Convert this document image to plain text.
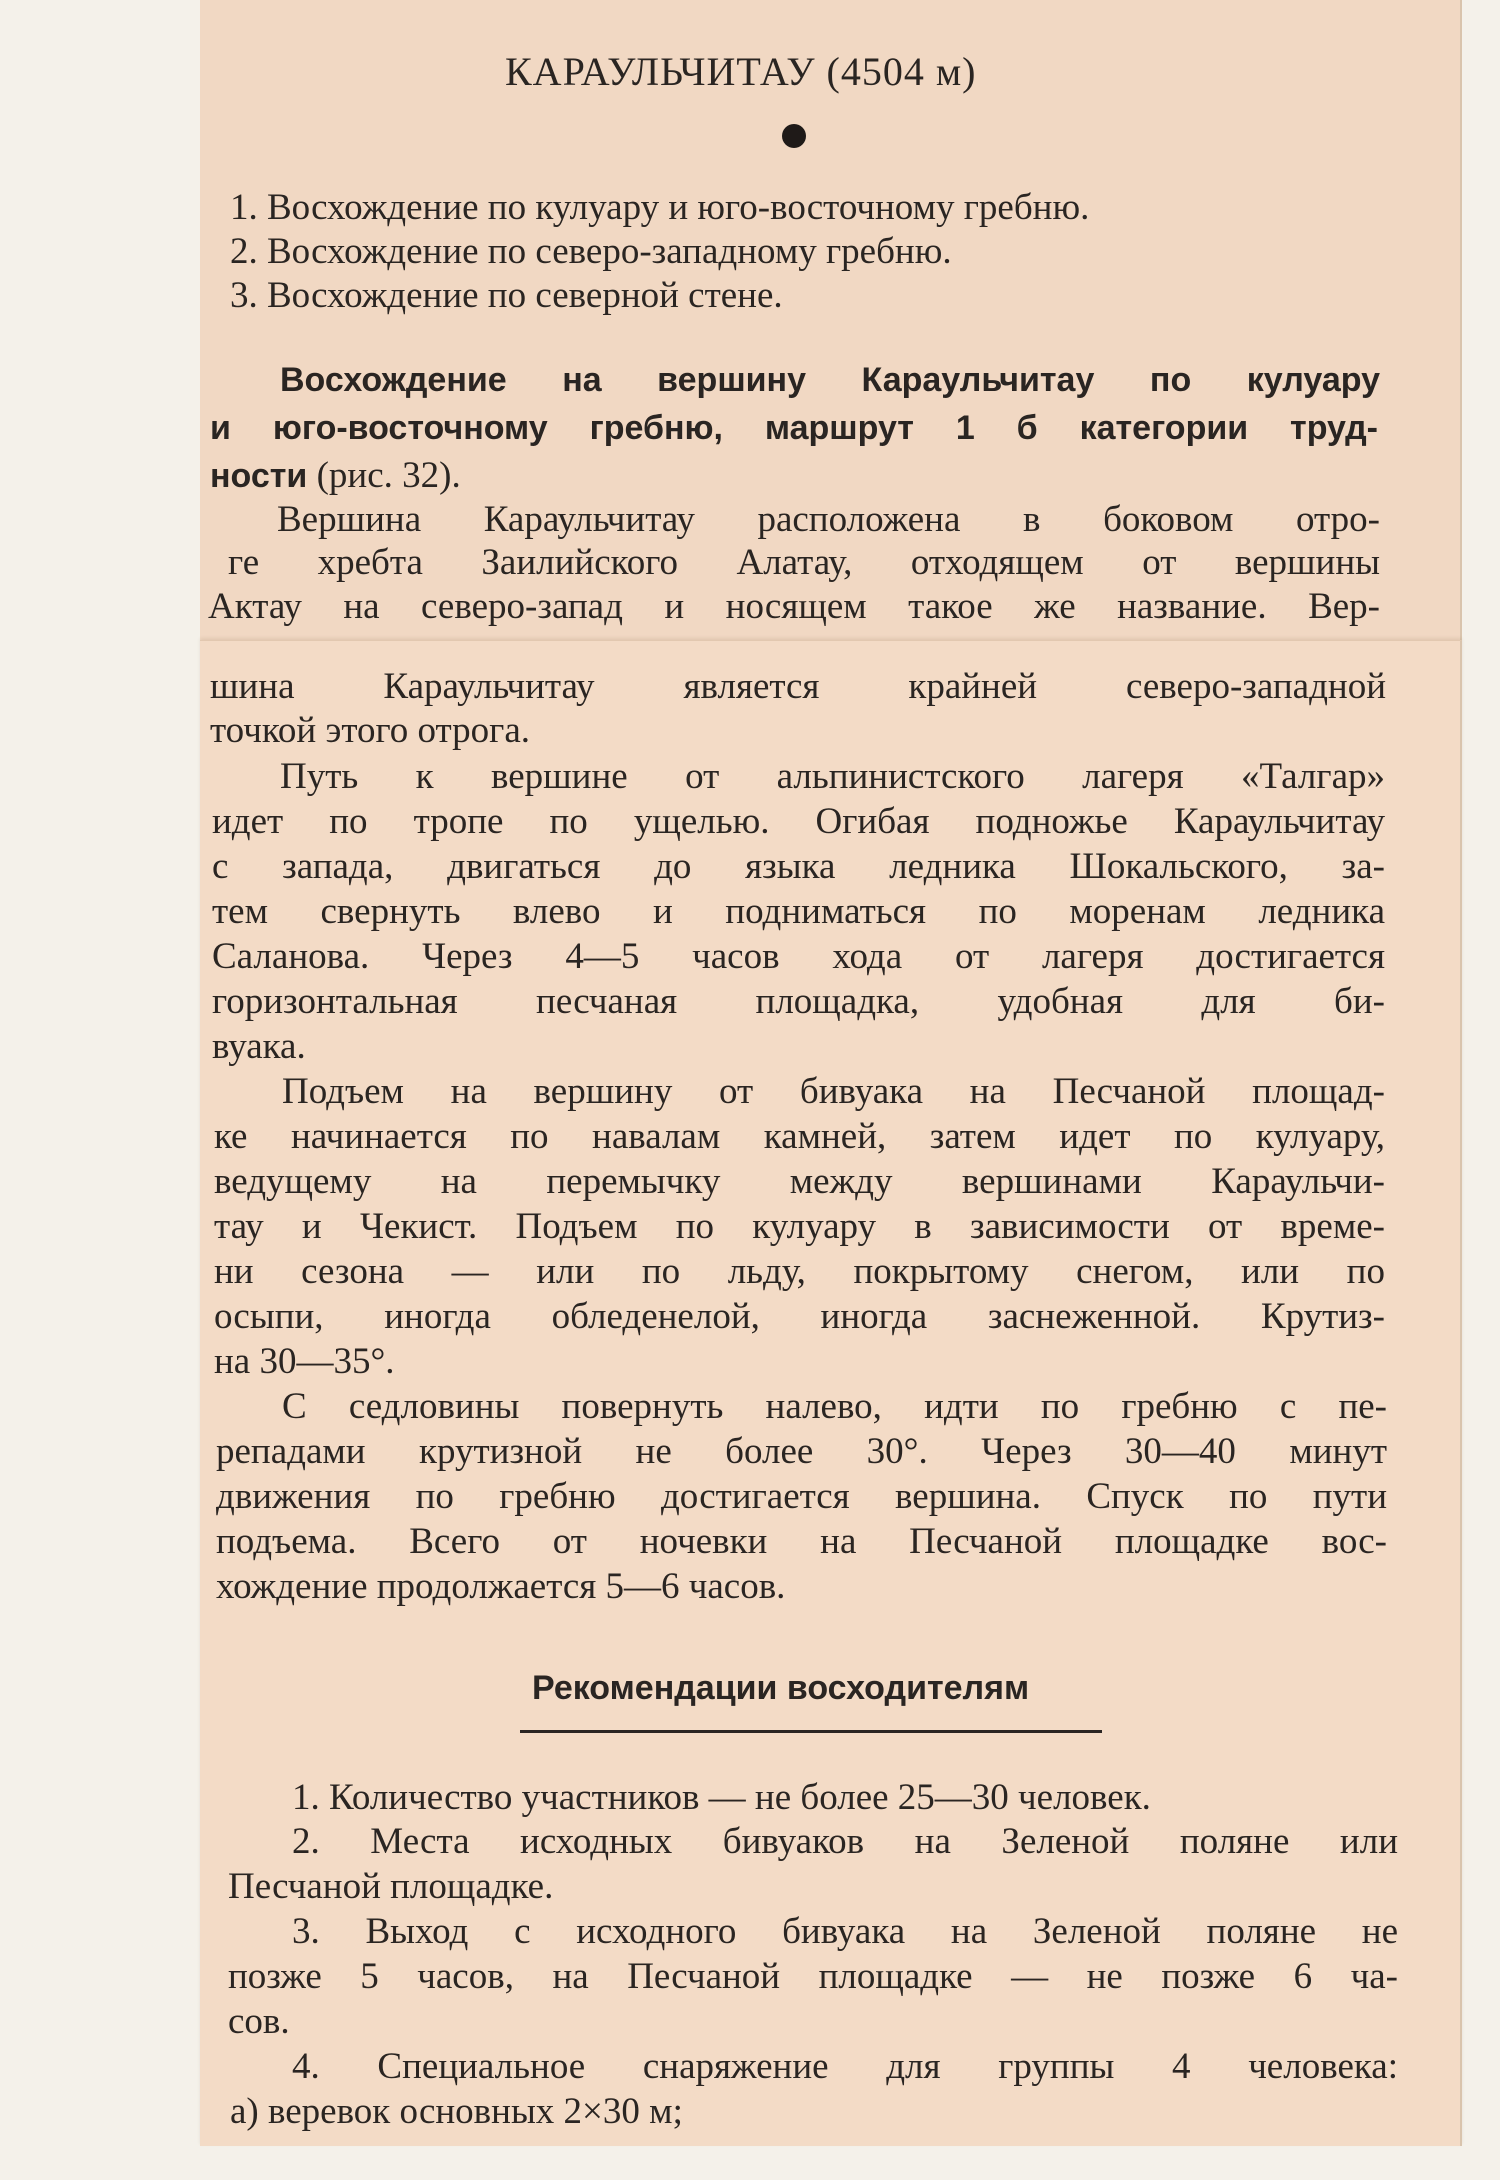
КАРАУЛЬЧИТАУ (4504 м)
1. Восхождение по кулуару и юго-восточному гребню.
2. Восхождение по северо-западному гребню.
3. Восхождение по северной стене.
Восхождение на вершину Караульчитау по кулуару
и юго-восточному гребню, маршрут 1 б категории труд-
ности (рис. 32).
Вершина Караульчитау расположена в боковом отро-
ге хребта Заилийского Алатау, отходящем от вершины
Актау на северо-запад и носящем такое же название. Вер-
шина Караульчитау является крайней северо-западной
точкой этого отрога.
Путь к вершине от альпинистского лагеря «Талгар»
идет по тропе по ущелью. Огибая подножье Караульчитау
с запада, двигаться до языка ледника Шокальского, за-
тем свернуть влево и подниматься по моренам ледника
Саланова. Через 4—5 часов хода от лагеря достигается
горизонтальная песчаная площадка, удобная для би-
вуака.
Подъем на вершину от бивуака на Песчаной площад-
ке начинается по навалам камней, затем идет по кулуару,
ведущему на перемычку между вершинами Караульчи-
тау и Чекист. Подъем по кулуару в зависимости от време-
ни сезона — или по льду, покрытому снегом, или по
осыпи, иногда обледенелой, иногда заснеженной. Крутиз-
на 30—35°.
С седловины повернуть налево, идти по гребню с пе-
репадами крутизной не более 30°. Через 30—40 минут
движения по гребню достигается вершина. Спуск по пути
подъема. Всего от ночевки на Песчаной площадке вос-
хождение продолжается 5—6 часов.
Рекомендации восходителям
1. Количество участников — не более 25—30 человек.
2. Места исходных бивуаков на Зеленой поляне или
Песчаной площадке.
3. Выход с исходного бивуака на Зеленой поляне не
позже 5 часов, на Песчаной площадке — не позже 6 ча-
сов.
4. Специальное снаряжение для группы 4 человека:
а) веревок основных 2×30 м;
